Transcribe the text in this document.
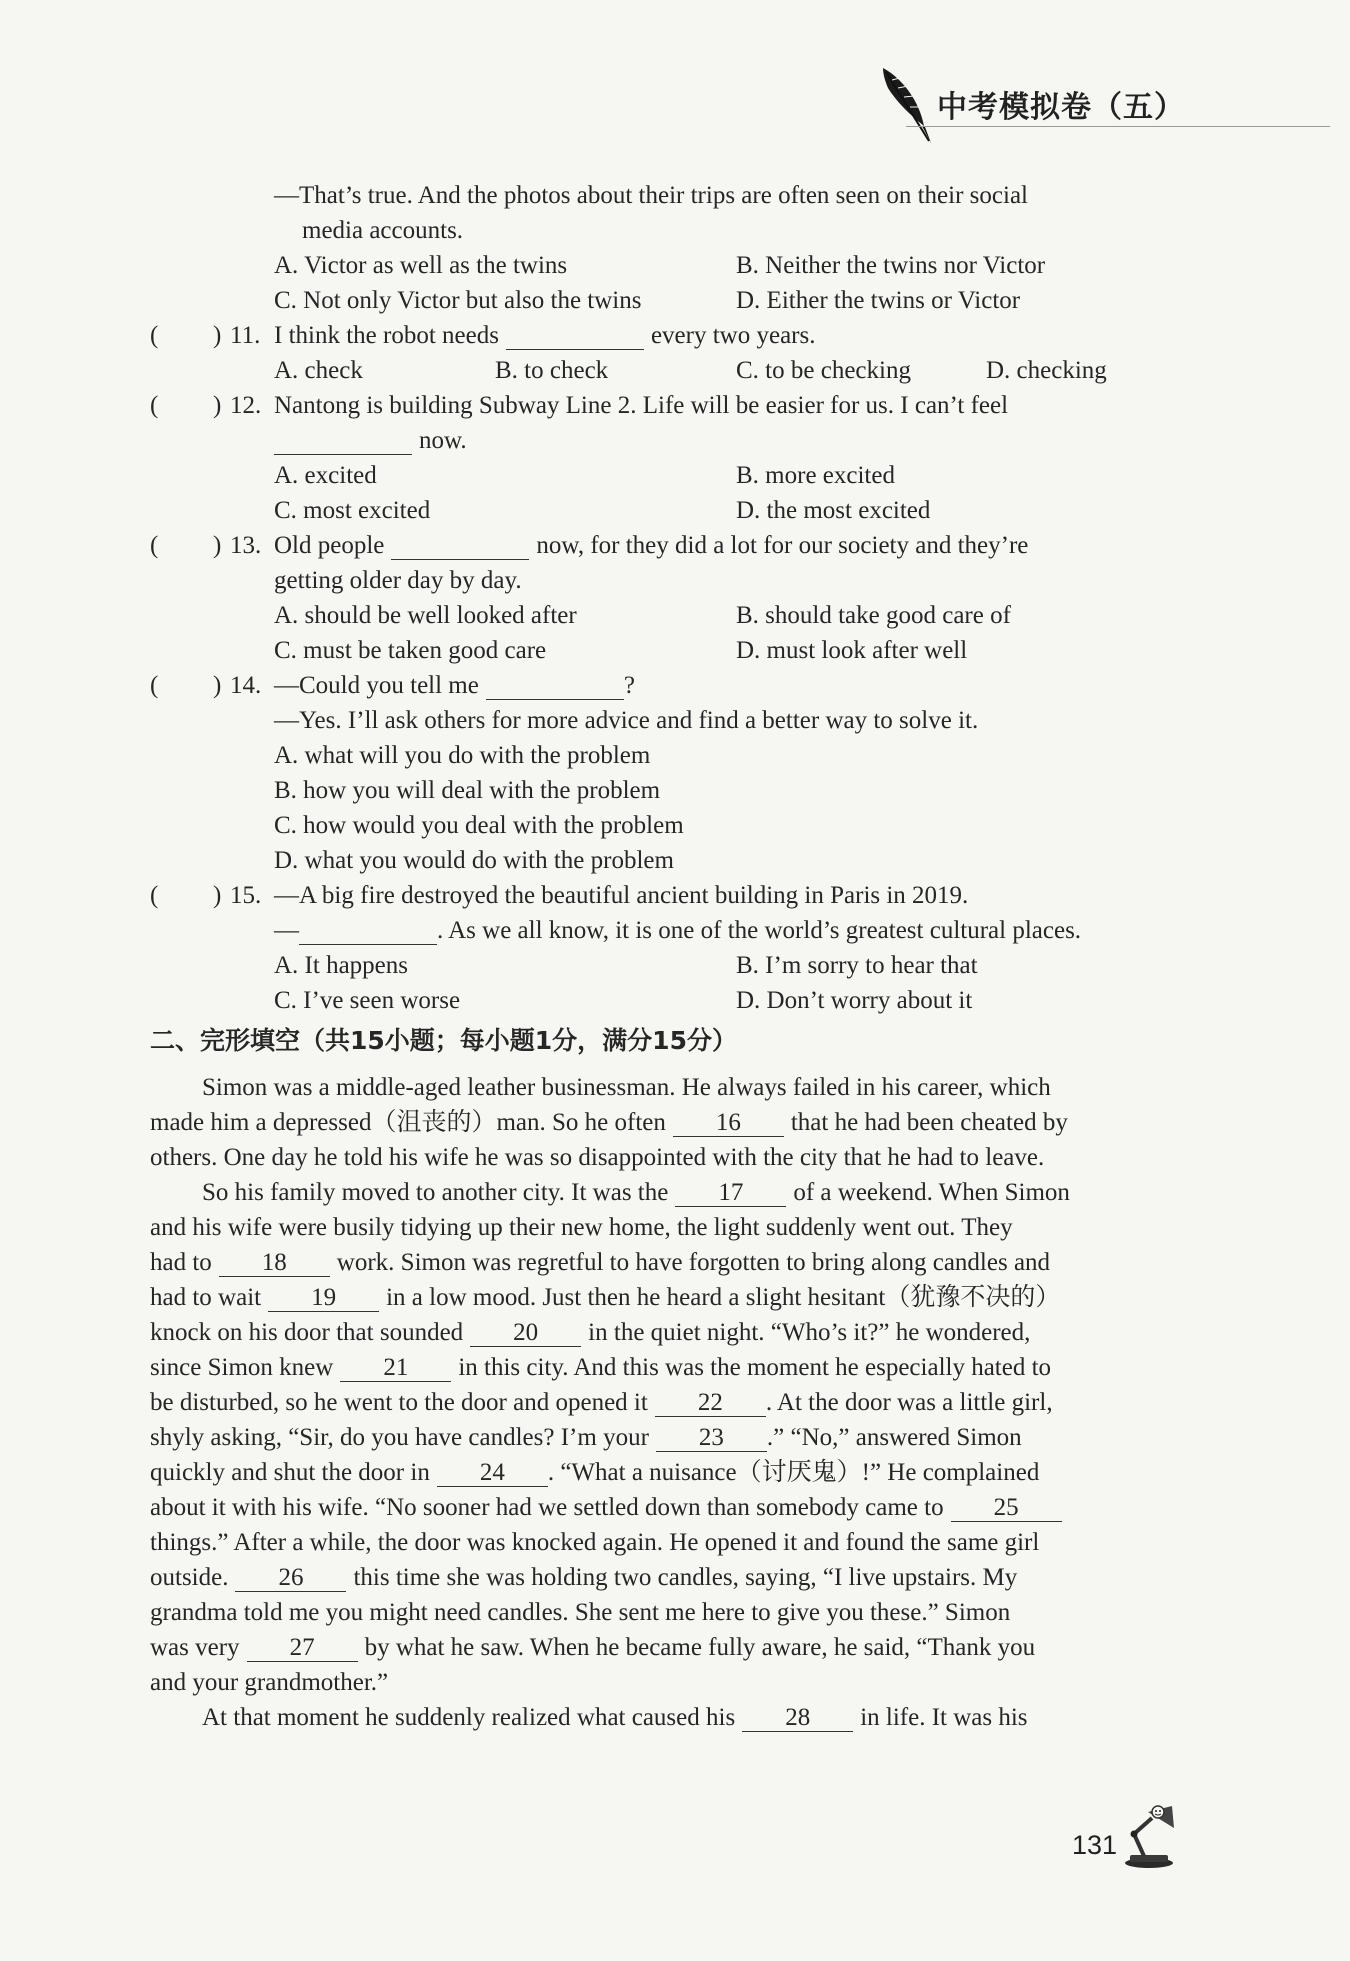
中考模拟卷（五）
—That’s true. And the photos about their trips are often seen on their social
media accounts.
A. Victor as well as the twins	B. Neither the twins nor Victor
C. Not only Victor but also the twins	D. Either the twins or Victor
( ) 11. I think the robot needs	every two years.
A. check	B. to check	C. to be checking	D. checking
( ) 12. Nantong is building Subway Line 2. Life will be easier for us. I can’t feel
now.
A. excited	B. more excited
C. most excited	D. the most excited
( ) 13. Old people	now, for they did a lot for our society and they’re
getting older day by day.
A. should be well looked after	B. should take good care of
C. must be taken good care	D. must look after well
( ) 14. —Could you tell me	?
—Yes. I’ll ask others for more advice and find a better way to solve it.
A. what will you do with the problem
B. how you will deal with the problem
C. how would you deal with the problem
D. what you would do with the problem
( ) 15. —A big fire destroyed the beautiful ancient building in Paris in 2019.
—	. As we all know, it is one of the world’s greatest cultural places.
A. It happens	B. I’m sorry to hear that
C. I’ve seen worse	D. Don’t worry about it
二、完形填空（共15小题；每小题1分，满分15分）
Simon was a middle-aged leather businessman. He always failed in his career, which
made him a depressed（沮丧的）man. So he often 16 that he had been cheated by
others. One day he told his wife he was so disappointed with the city that he had to leave.
So his family moved to another city. It was the 17 of a weekend. When Simon
and his wife were busily tidying up their new home, the light suddenly went out. They
had to 18 work. Simon was regretful to have forgotten to bring along candles and
had to wait 19 in a low mood. Just then he heard a slight hesitant（犹豫不决的）
knock on his door that sounded 20 in the quiet night. “Who’s it?” he wondered,
since Simon knew 21 in this city. And this was the moment he especially hated to
be disturbed, so he went to the door and opened it 22 . At the door was a little girl,
shyly asking, “Sir, do you have candles? I’m your 23 .” “No,” answered Simon
quickly and shut the door in 24 . “What a nuisance（讨厌鬼）!” He complained
about it with his wife. “No sooner had we settled down than somebody came to 25
things.” After a while, the door was knocked again. He opened it and found the same girl
outside. 26 this time she was holding two candles, saying, “I live upstairs. My
grandma told me you might need candles. She sent me here to give you these.” Simon
was very 27 by what he saw. When he became fully aware, he said, “Thank you
and your grandmother.”
At that moment he suddenly realized what caused his 28 in life. It was his
131
